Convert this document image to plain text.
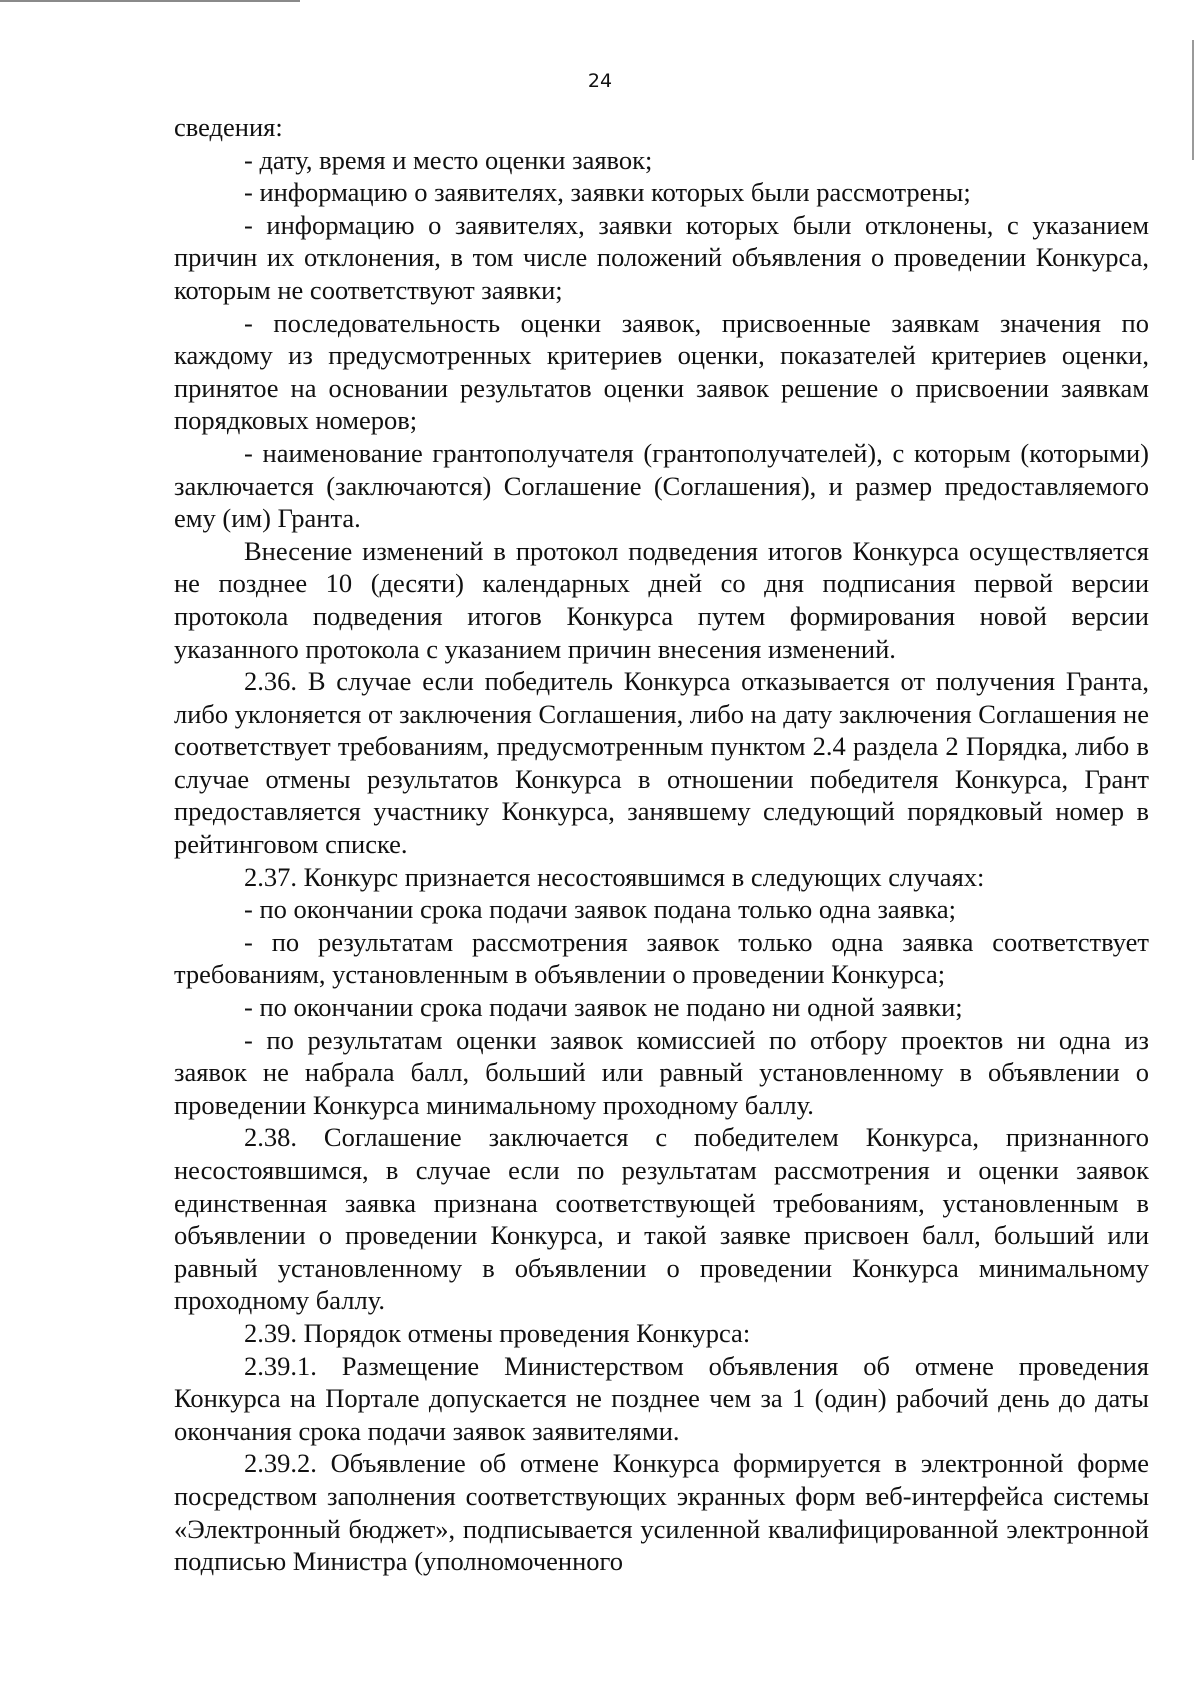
24

сведения:

- дату, время и место оценки заявок;

- информацию о заявителях, заявки которых были рассмотрены;

- информацию о заявителях, заявки которых были отклонены, с указанием причин их отклонения, в том числе положений объявления о проведении Конкурса, которым не соответствуют заявки;

- последовательность оценки заявок, присвоенные заявкам значения по каждому из предусмотренных критериев оценки, показателей критериев оценки, принятое на основании результатов оценки заявок решение о присвоении заявкам порядковых номеров;

- наименование грантополучателя (грантополучателей), с которым (которыми) заключается (заключаются) Соглашение (Соглашения), и размер предоставляемого ему (им) Гранта.

Внесение изменений в протокол подведения итогов Конкурса осуществляется не позднее 10 (десяти) календарных дней со дня подписания первой версии протокола подведения итогов Конкурса путем формирования новой версии указанного протокола с указанием причин внесения изменений.

2.36. В случае если победитель Конкурса отказывается от получения Гранта, либо уклоняется от заключения Соглашения, либо на дату заключения Соглашения не соответствует требованиям, предусмотренным пунктом 2.4 раздела 2 Порядка, либо в случае отмены результатов Конкурса в отношении победителя Конкурса, Грант предоставляется участнику Конкурса, занявшему следующий порядковый номер в рейтинговом списке.

2.37. Конкурс признается несостоявшимся в следующих случаях:

- по окончании срока подачи заявок подана только одна заявка;

- по результатам рассмотрения заявок только одна заявка соответствует требованиям, установленным в объявлении о проведении Конкурса;

- по окончании срока подачи заявок не подано ни одной заявки;

- по результатам оценки заявок комиссией по отбору проектов ни одна из заявок не набрала балл, больший или равный установленному в объявлении о проведении Конкурса минимальному проходному баллу.

2.38. Соглашение заключается с победителем Конкурса, признанного несостоявшимся, в случае если по результатам рассмотрения и оценки заявок единственная заявка признана соответствующей требованиям, установленным в объявлении о проведении Конкурса, и такой заявке присвоен балл, больший или равный установленному в объявлении о проведении Конкурса минимальному проходному баллу.

2.39. Порядок отмены проведения Конкурса:

2.39.1. Размещение Министерством объявления об отмене проведения Конкурса на Портале допускается не позднее чем за 1 (один) рабочий день до даты окончания срока подачи заявок заявителями.

2.39.2. Объявление об отмене Конкурса формируется в электронной форме посредством заполнения соответствующих экранных форм веб-интерфейса системы «Электронный бюджет», подписывается усиленной квалифицированной электронной подписью Министра (уполномоченного
